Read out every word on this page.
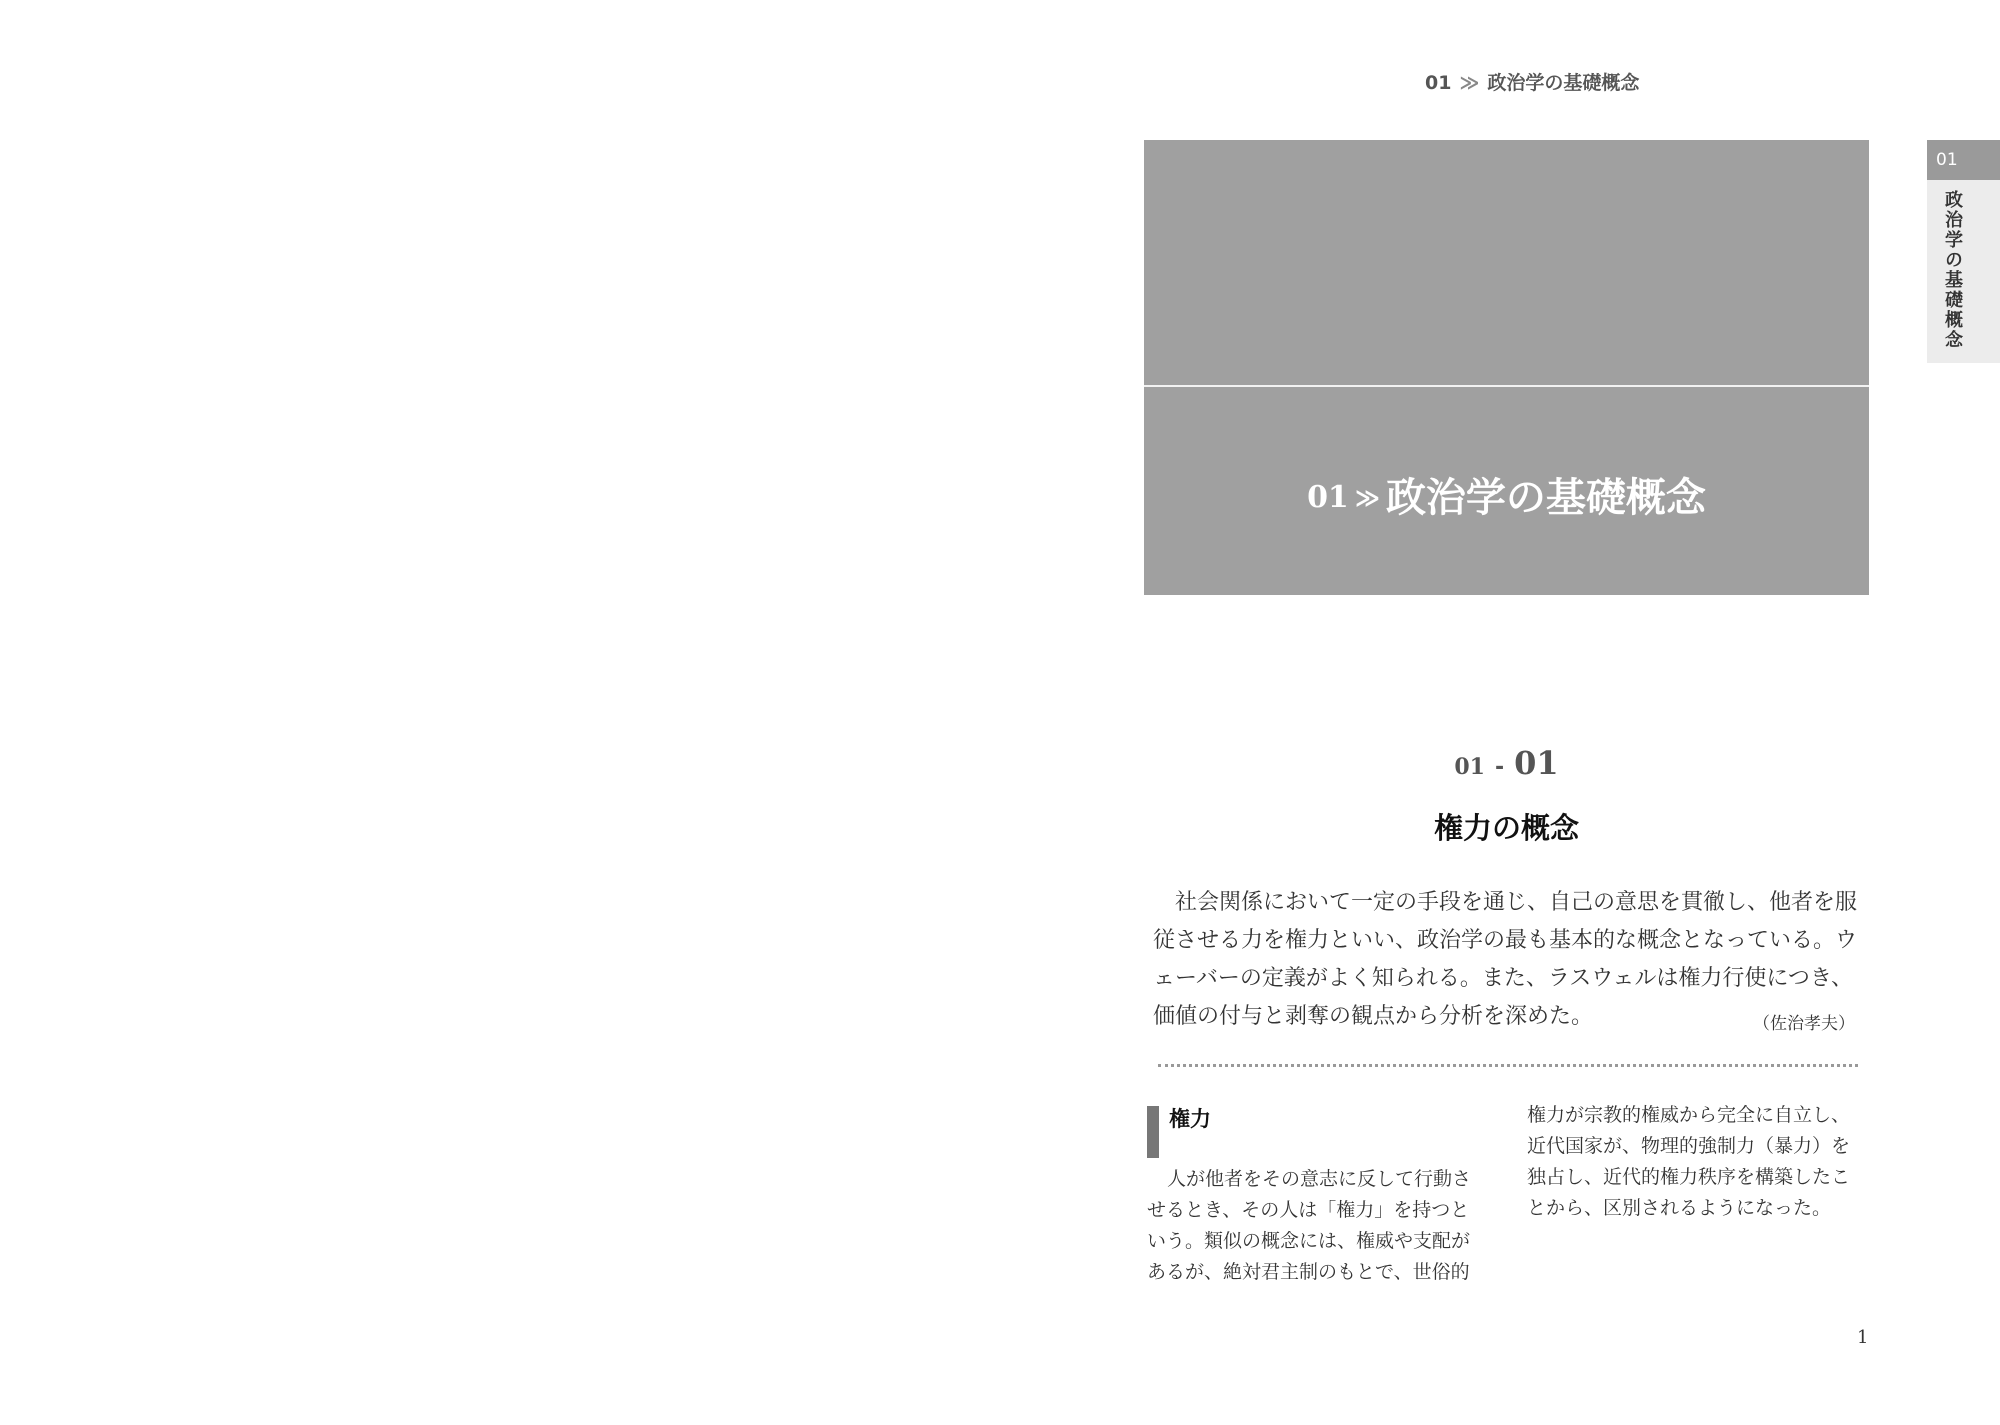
01 ≫ 政治学の基礎概念
01 ≫ 政治学の基礎概念
01
政治学の基礎概念
01 - 01
権力の概念
社会関係において一定の手段を通じ、自己の意思を貫徹し、他者を服
従させる力を権力といい、政治学の最も基本的な概念となっている。ウ
ェーバーの定義がよく知られる。また、ラスウェルは権力行使につき、
価値の付与と剥奪の観点から分析を深めた。	（佐治孝夫）
権力
人が他者をその意志に反して行動さ
せるとき、その人は「権力」を持つと
いう。類似の概念には、権威や支配が
あるが、絶対君主制のもとで、世俗的
権力が宗教的権威から完全に自立し、
近代国家が、物理的強制力（暴力）を
独占し、近代的権力秩序を構築したこ
とから、区別されるようになった。
1
